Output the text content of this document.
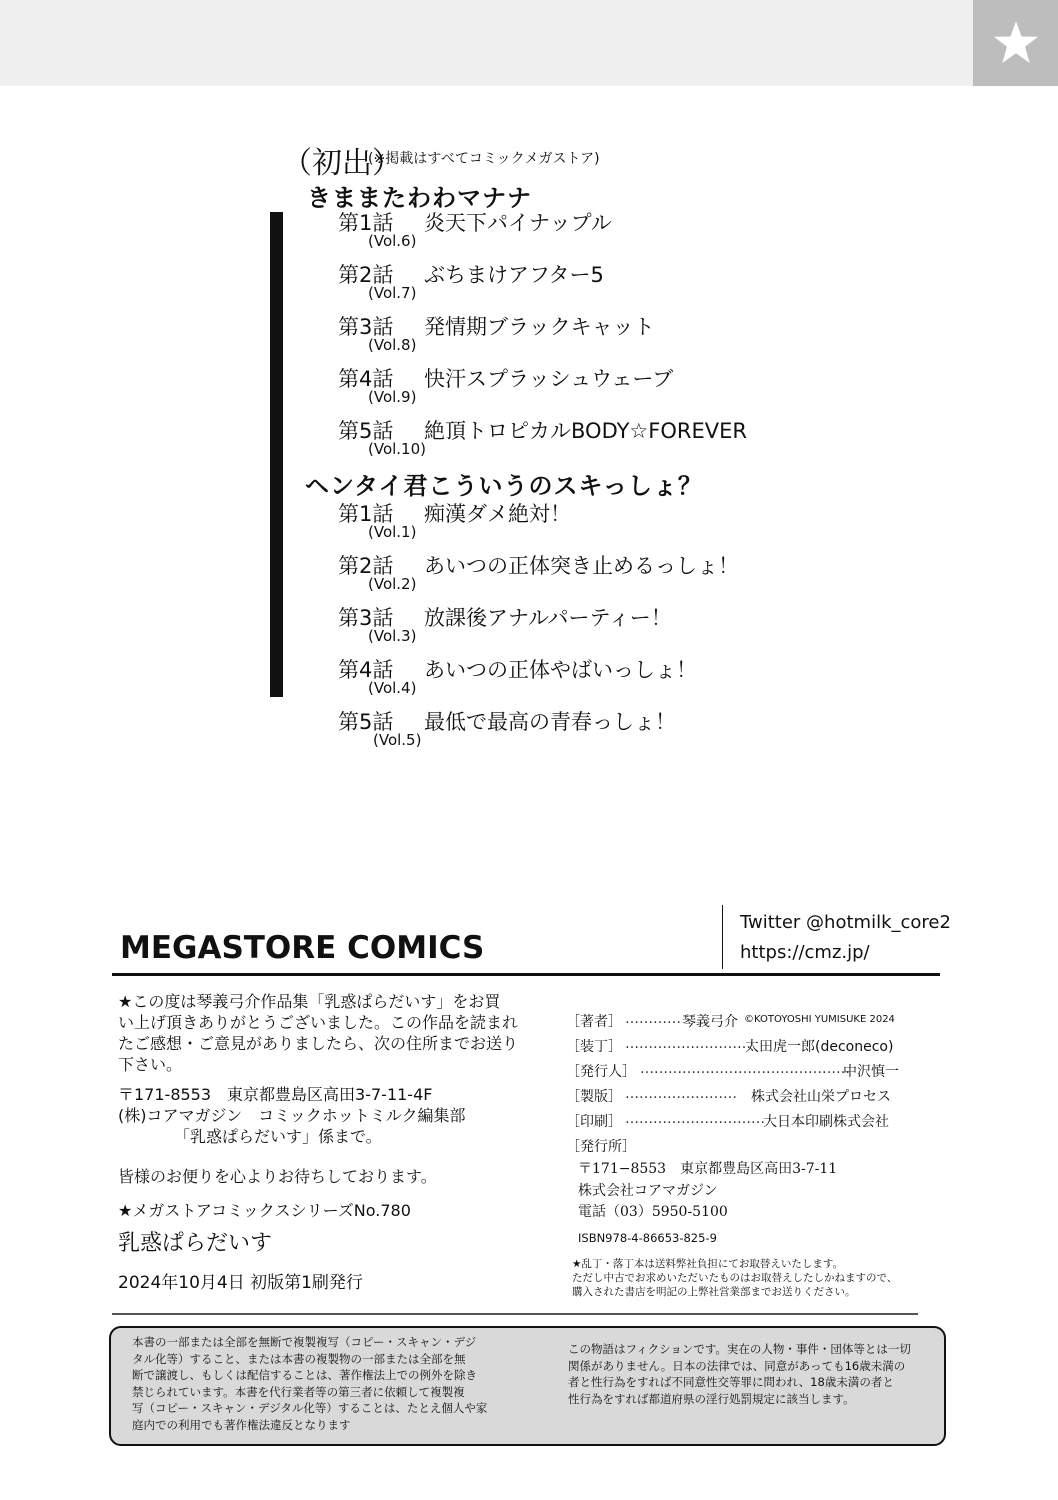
（初出）
(※掲載はすべてコミックメガストア)
きままたわわマナナ
第1話 炎天下パイナップル
(Vol.6)
第2話 ぶちまけアフター5
(Vol.7)
第3話 発情期ブラックキャット
(Vol.8)
第4話 快汗スプラッシュウェーブ
(Vol.9)
第5話 絶頂トロピカルBODY☆FOREVER
(Vol.10)
ヘンタイ君こういうのスキっしょ？
第1話 痴漢ダメ絶対！
(Vol.1)
第2話 あいつの正体突き止めるっしょ！
(Vol.2)
第3話 放課後アナルパーティー！
(Vol.3)
第4話 あいつの正体やばいっしょ！
(Vol.4)
第5話 最低で最高の青春っしょ！
(Vol.5)
MEGASTORE COMICS
Twitter @hotmilk_core2
https://cmz.jp/
★この度は琴義弓介作品集「乳惑ぱらだいす」をお買
い上げ頂きありがとうございました。この作品を読まれ
たご感想・ご意見がありましたら、次の住所までお送り
下さい。
〒171-8553　東京都豊島区高田3-7-11-4F
(株)コアマガジン　コミックホットミルク編集部
　　　　「乳惑ぱらだいす」係まで。
皆様のお便りを心よりお待ちしております。
★メガストアコミックスシリーズNo.780
乳惑ぱらだいす
2024年10月4日 初版第1刷発行
［著者］ ………… 琴義弓介 ©KOTOYOSHI YUMISUKE 2024
［装丁］ ………………………
太田虎一郎(deconeco)
［発行人］ ………………………………………
中沢慎一
［製版］ …………………… 株式会社山栄プロセス
［印刷］ …………………………
大日本印刷株式会社
［発行所］
〒171−8553　東京都豊島区高田3-7-11
株式会社コアマガジン
電話（03）5950-5100
ISBN978-4-86653-825-9
★乱丁・落丁本は送料弊社負担にてお取替えいたします。
ただし中古でお求めいただいたものはお取替えしたしかねますので、
購入された書店を明記の上弊社営業部までお送りください。
本書の一部または全部を無断で複製複写（コピー・スキャン・デジ
タル化等）すること、または本書の複製物の一部または全部を無
断で譲渡し、もしくは配信することは、著作権法上での例外を除き
禁じられています。本書を代行業者等の第三者に依頼して複製複
写（コピー・スキャン・デジタル化等）することは、たとえ個人や家
庭内での利用でも著作権法違反となります
この物語はフィクションです。実在の人物・事件・団体等とは一切
関係がありません。日本の法律では、同意があっても16歳未満の
者と性行為をすれば不同意性交等罪に問われ、18歳未満の者と
性行為をすれば都道府県の淫行処罰規定に該当します。
